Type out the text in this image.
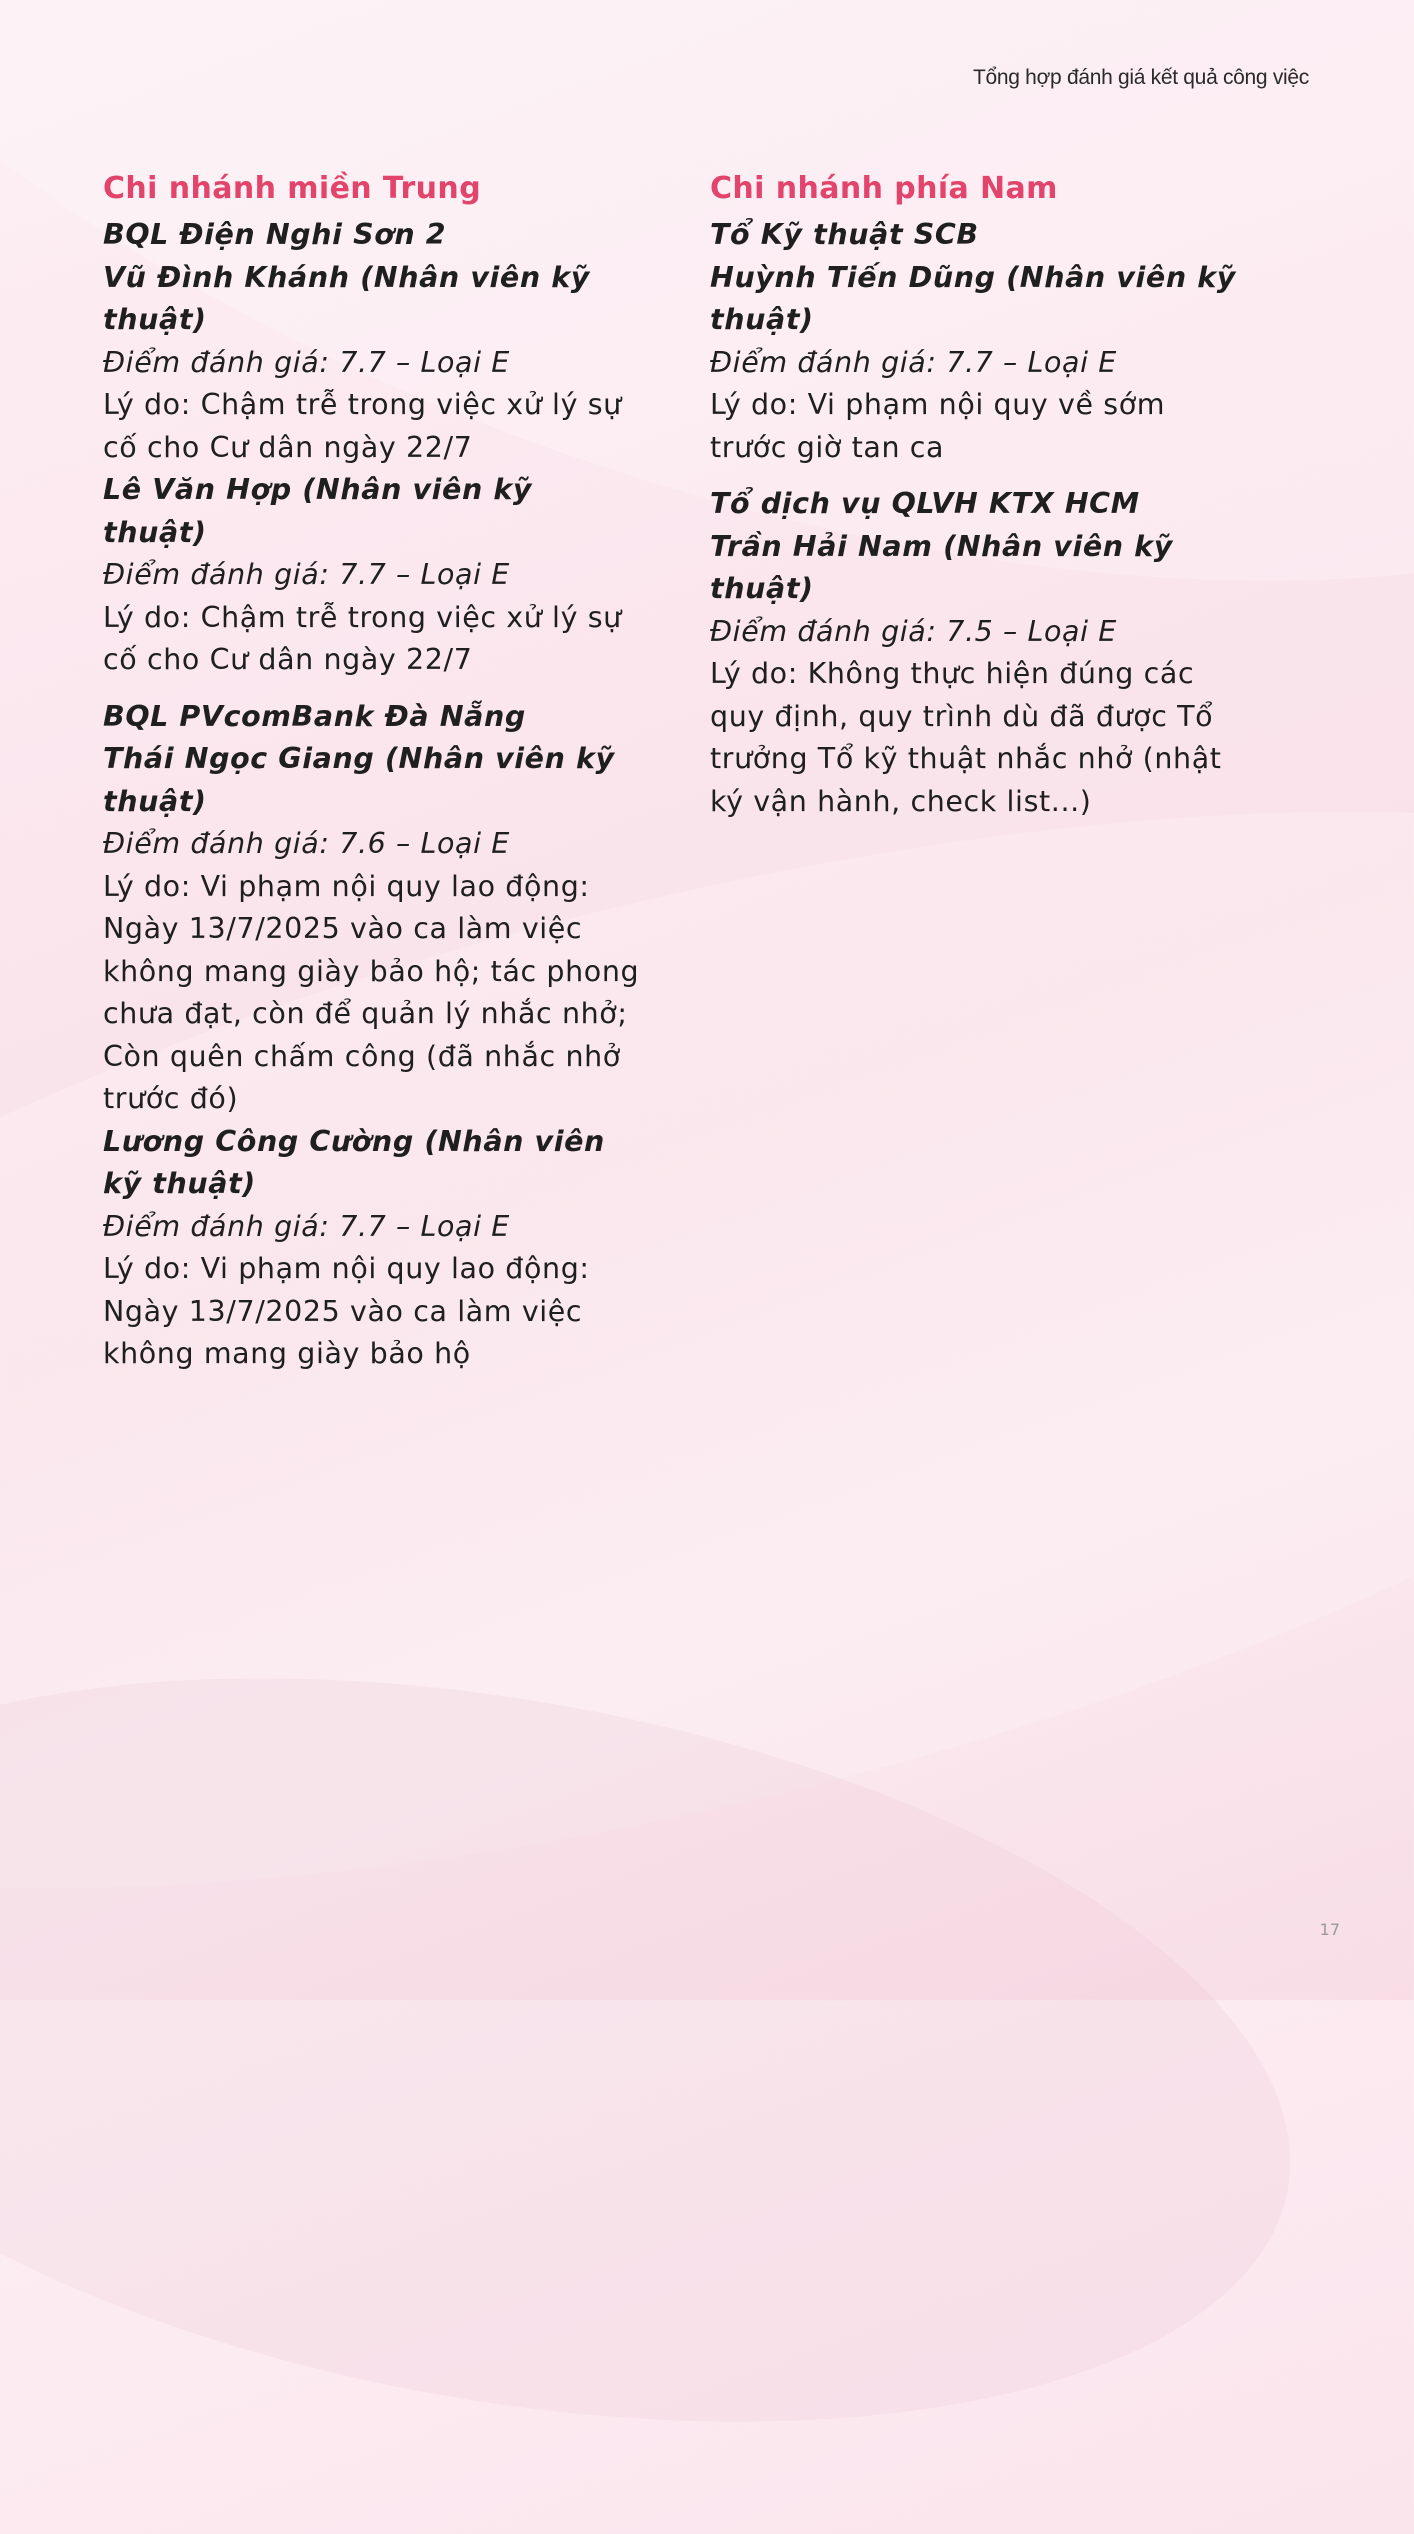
Tổng hợp đánh giá kết quả công việc
Chi nhánh miền Trung
BQL Điện Nghi Sơn 2
Vũ Đình Khánh (Nhân viên kỹ thuật)
Điểm đánh giá: 7.7 – Loại E
Lý do: Chậm trễ trong việc xử lý sự cố cho Cư dân ngày 22/7
Lê Văn Hợp (Nhân viên kỹ thuật)
Điểm đánh giá: 7.7 – Loại E
Lý do: Chậm trễ trong việc xử lý sự cố cho Cư dân ngày 22/7
BQL PVcomBank Đà Nẵng
Thái Ngọc Giang (Nhân viên kỹ thuật)
Điểm đánh giá: 7.6 – Loại E
Lý do: Vi phạm nội quy lao động: Ngày 13/7/2025 vào ca làm việc không mang giày bảo hộ; tác phong chưa đạt, còn để quản lý nhắc nhở; Còn quên chấm công (đã nhắc nhở trước đó)
Lương Công Cường (Nhân viên kỹ thuật)
Điểm đánh giá: 7.7 – Loại E
Lý do: Vi phạm nội quy lao động: Ngày 13/7/2025 vào ca làm việc không mang giày bảo hộ
Chi nhánh phía Nam
Tổ Kỹ thuật SCB
Huỳnh Tiến Dũng (Nhân viên kỹ thuật)
Điểm đánh giá: 7.7 – Loại E
Lý do: Vi phạm nội quy về sớm trước giờ tan ca
Tổ dịch vụ QLVH KTX HCM
Trần Hải Nam (Nhân viên kỹ thuật)
Điểm đánh giá: 7.5 – Loại E
Lý do: Không thực hiện đúng các quy định, quy trình dù đã được Tổ trưởng Tổ kỹ thuật nhắc nhở (nhật ký vận hành, check list...)
17
